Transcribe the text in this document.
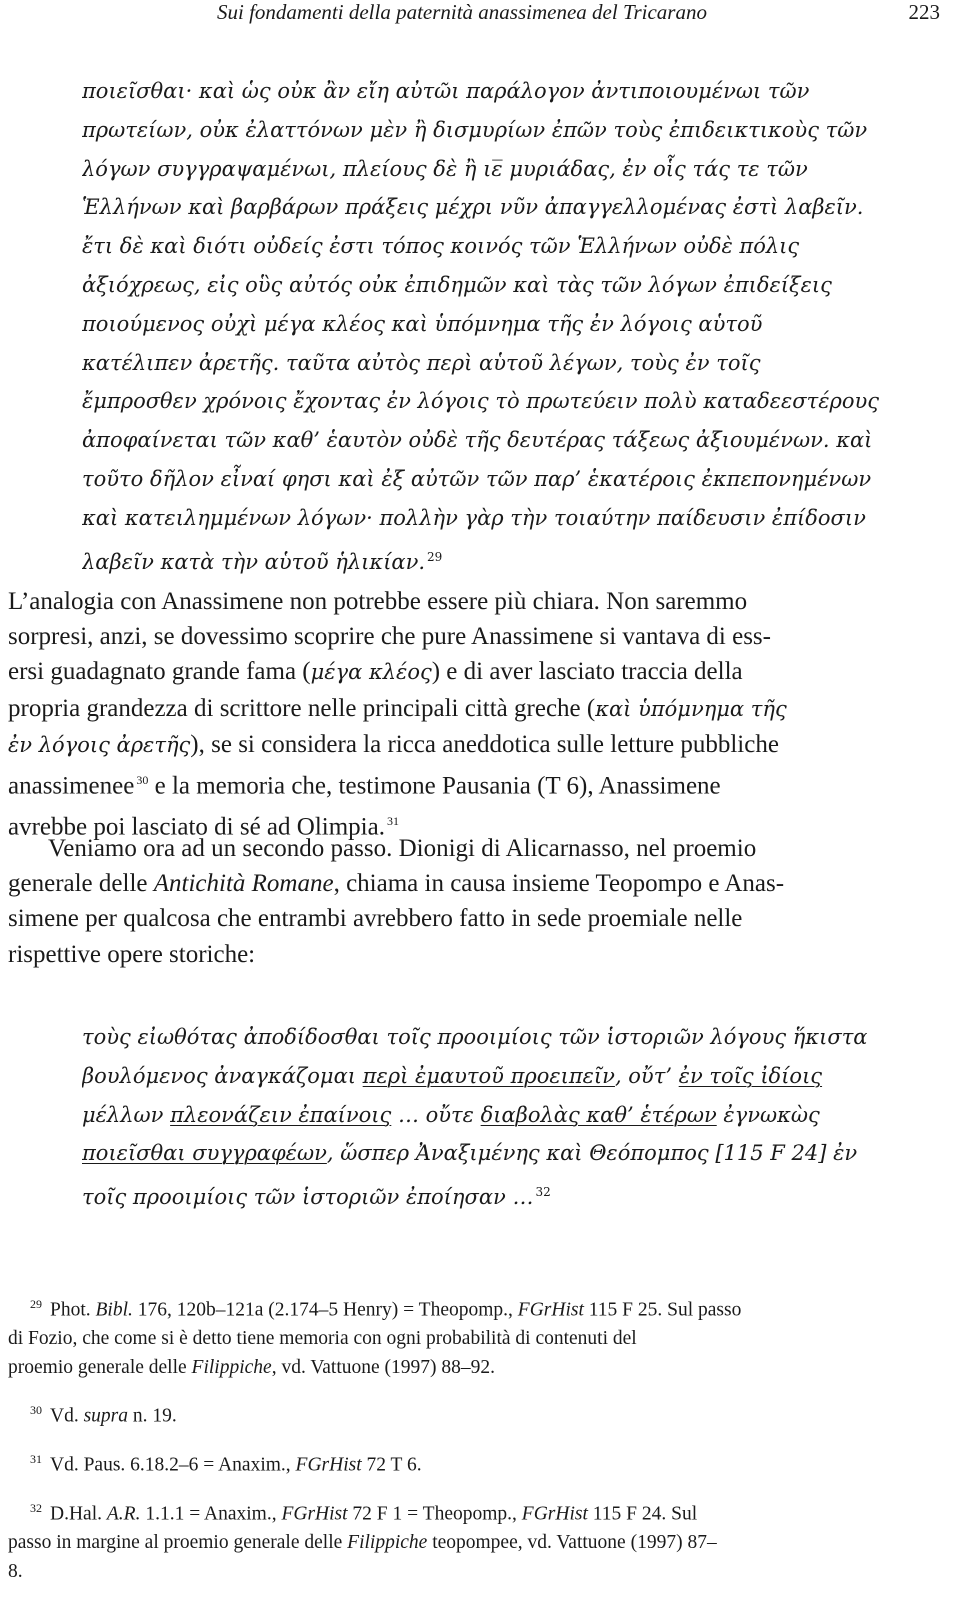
Sui fondamenti della paternità anassimenea del Tricarano	223
ποιεῖσθαι· καὶ ὡς οὐκ ἂν εἴη αὐτῶι παράλογον ἀντιποιουμένωι τῶν
πρωτείων, οὐκ ἐλαττόνων μὲν ἢ δισμυρίων ἐπῶν τοὺς ἐπιδεικτικοὺς τῶν
λόγων συγγραψαμένωι, πλείους δὲ ἢ ιε̅ μυριάδας, ἐν οἷς τάς τε τῶν
Ἑλλήνων καὶ βαρβάρων πράξεις μέχρι νῦν ἀπαγγελλομένας ἐστὶ λαβεῖν.
ἔτι δὲ καὶ διότι οὐδείς ἐστι τόπος κοινός τῶν Ἑλλήνων οὐδὲ πόλις
ἀξιόχρεως, εἰς οὓς αὐτός οὐκ ἐπιδημῶν καὶ τὰς τῶν λόγων ἐπιδείξεις
ποιούμενος οὐχὶ μέγα κλέος καὶ ὑπόμνημα τῆς ἐν λόγοις αὑτοῦ
κατέλιπεν ἀρετῆς. ταῦτα αὐτὸς περὶ αὑτοῦ λέγων, τοὺς ἐν τοῖς
ἔμπροσθεν χρόνοις ἔχοντας ἐν λόγοις τὸ πρωτεύειν πολὺ καταδεεστέρους
ἀποφαίνεται τῶν καθ’ ἑαυτὸν οὐδὲ τῆς δευτέρας τάξεως ἀξιουμένων. καὶ
τοῦτο δῆλον εἶναί φησι καὶ ἐξ αὐτῶν τῶν παρ’ ἑκατέροις ἐκπεπονημένων
καὶ κατειλημμένων λόγων· πολλὴν γὰρ τὴν τοιαύτην παίδευσιν ἐπίδοσιν
λαβεῖν κατὰ τὴν αὑτοῦ ἡλικίαν. $^{29}$
L’analogia con Anassimene non potrebbe essere più chiara. Non saremmo
sorpresi, anzi, se dovessimo scoprire che pure Anassimene si vantava di ess-
ersi guadagnato grande fama (μέγα κλέος) e di aver lasciato traccia della
propria grandezza di scrittore nelle principali città greche (καὶ ὑπόμνημα τῆς
ἐν λόγοις ἀρετῆς), se si considera la ricca aneddotica sulle letture pubbliche
anassimenee $^{30}$ e la memoria che, testimone Pausania (T 6), Anassimene
avrebbe poi lasciato di sé ad Olimpia. $^{31}$
Veniamo ora ad un secondo passo. Dionigi di Alicarnasso, nel proemio
generale delle Antichità Romane, chiama in causa insieme Teopompo e Anas-
simene per qualcosa che entrambi avrebbero fatto in sede proemiale nelle
rispettive opere storiche:
τοὺς εἰωθότας ἀποδίδοσθαι τοῖς προοιμίοις τῶν ἱστοριῶν λόγους ἥκιστα
βουλόμενος ἀναγκάζομαι περὶ ἐμαυτοῦ προειπεῖν, οὔτ’ ἐν τοῖς ἰδίοις
μέλλων πλεονάζειν ἐπαίνοις … οὔτε διαβολὰς καθ’ ἑτέρων ἐγνωκὼς
ποιεῖσθαι συγγραφέων, ὥσπερ Ἀναξιμένης καὶ Θεόπομπος [115 F 24] ἐν
τοῖς προοιμίοις τῶν ἱστοριῶν ἐποίησαν … $^{32}$
$^{29}$ Phot. Bibl. 176, 120b–121a (2.174–5 Henry) = Theopomp., FGrHist 115 F 25. Sul passo
di Fozio, che come si è detto tiene memoria con ogni probabilità di contenuti del
proemio generale delle Filippiche, vd. Vattuone (1997) 88–92.
$^{30}$ Vd. supra n. 19.
$^{31}$ Vd. Paus. 6.18.2–6 = Anaxim., FGrHist 72 T 6.
$^{32}$ D.Hal. A.R. 1.1.1 = Anaxim., FGrHist 72 F 1 = Theopomp., FGrHist 115 F 24. Sul
passo in margine al proemio generale delle Filippiche teopompee, vd. Vattuone (1997) 87–
8.
